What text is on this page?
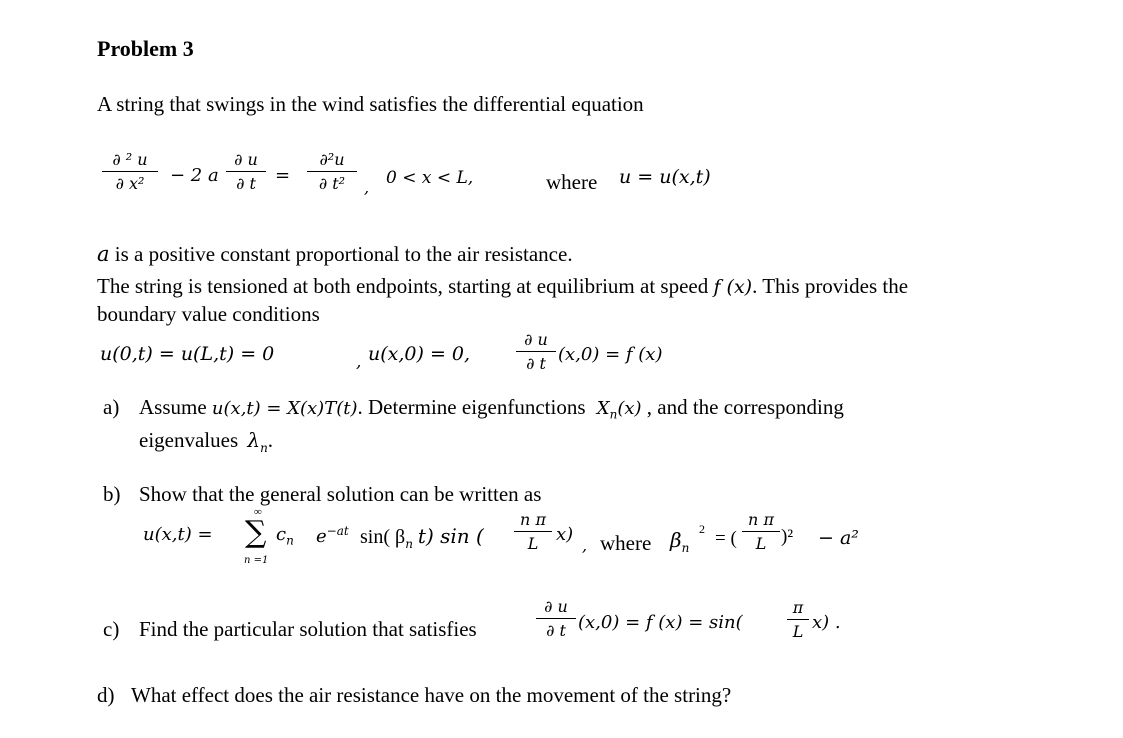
Problem 3
A string that swings in the wind satisfies the differential equation
$\frac{\text{∂ ² u}}{\text{∂ x²}} - 2$ a $\frac{\partial u}{\partial t} = \frac{\text{∂²u}}{\text{∂ t²}}$ , 0 < x < L,	where u = u(x,t)
a is a positive constant proportional to the air resistance.
The string is tensioned at both endpoints, starting at equilibrium at speed f (x). This provides the
boundary value conditions
u(0,t) = u(L,t) = 0	, u(x,0) = 0,	$\frac{\partial u}{\partial t} (x,0) = f$ (x)
a) Assume u(x,t) = X(x)T(t). Determine eigenfunctions $X_n(x)$ , and the corresponding
eigenvalues $\lambda_n$.
b) Show that the general solution can be written as
u(x,t) =
∞
∑
n =1
$c_n$ $e^{-at}$ sin( $\beta_n$ t) sin ( $\frac{\text{n π}}{L} x$)
, where $\beta_n$
2 = ( $\frac{\text{n π}}{L} )^2 - a^2$
c) Find the particular solution that satisfies	$\frac{\partial u}{\partial t} (x,0) = f$ (x) = sin(	$\frac{\pi}{L} x$) .
d) What effect does the air resistance have on the movement of the string?
